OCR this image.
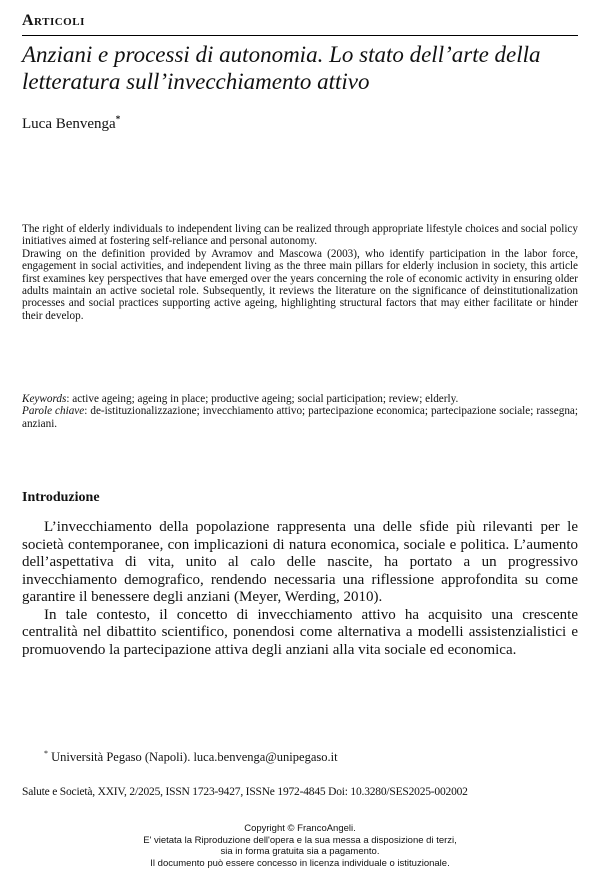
Articoli
Anziani e processi di autonomia. Lo stato dell’arte della letteratura sull’invecchiamento attivo
Luca Benvenga*

The right of elderly individuals to independent living can be realized through appropriate lifestyle choices and social policy initiatives aimed at fostering self-reliance and personal autonomy.

Drawing on the definition provided by Avramov and Mascowa (2003), who identify participation in the labor force, engagement in social activities, and independent living as the three main pillars for elderly inclusion in society, this article first examines key perspectives that have emerged over the years concerning the role of economic activity in ensuring older adults maintain an active societal role. Subsequently, it reviews the literature on the significance of deinstitutionalization processes and social practices supporting active ageing, highlighting structural factors that may either facilitate or hinder their develop.

Keywords: active ageing; ageing in place; productive ageing; social participation; review; elderly.

Parole chiave: de-istituzionalizzazione; invecchiamento attivo; partecipazione economica; partecipazione sociale; rassegna; anziani.

Introduzione

L’invecchiamento della popolazione rappresenta una delle sfide più rilevanti per le società contemporanee, con implicazioni di natura economica, sociale e politica. L’aumento dell’aspettativa di vita, unito al calo delle nascite, ha portato a un progressivo invecchiamento demografico, rendendo necessaria una riflessione approfondita su come garantire il benessere degli anziani (Meyer, Werding, 2010).

In tale contesto, il concetto di invecchiamento attivo ha acquisito una crescente centralità nel dibattito scientifico, ponendosi come alternativa a modelli assistenzialistici e promuovendo la partecipazione attiva degli anziani alla vita sociale ed economica.

* Università Pegaso (Napoli). luca.benvenga@unipegaso.it
Salute e Società, XXIV, 2/2025, ISSN 1723-9427, ISSNe 1972-4845 Doi: 10.3280/SES2025-002002
Copyright © FrancoAngeli.
E' vietata la Riproduzione dell'opera e la sua messa a disposizione di terzi,
sia in forma gratuita sia a pagamento.
Il documento può essere concesso in licenza individuale o istituzionale.
